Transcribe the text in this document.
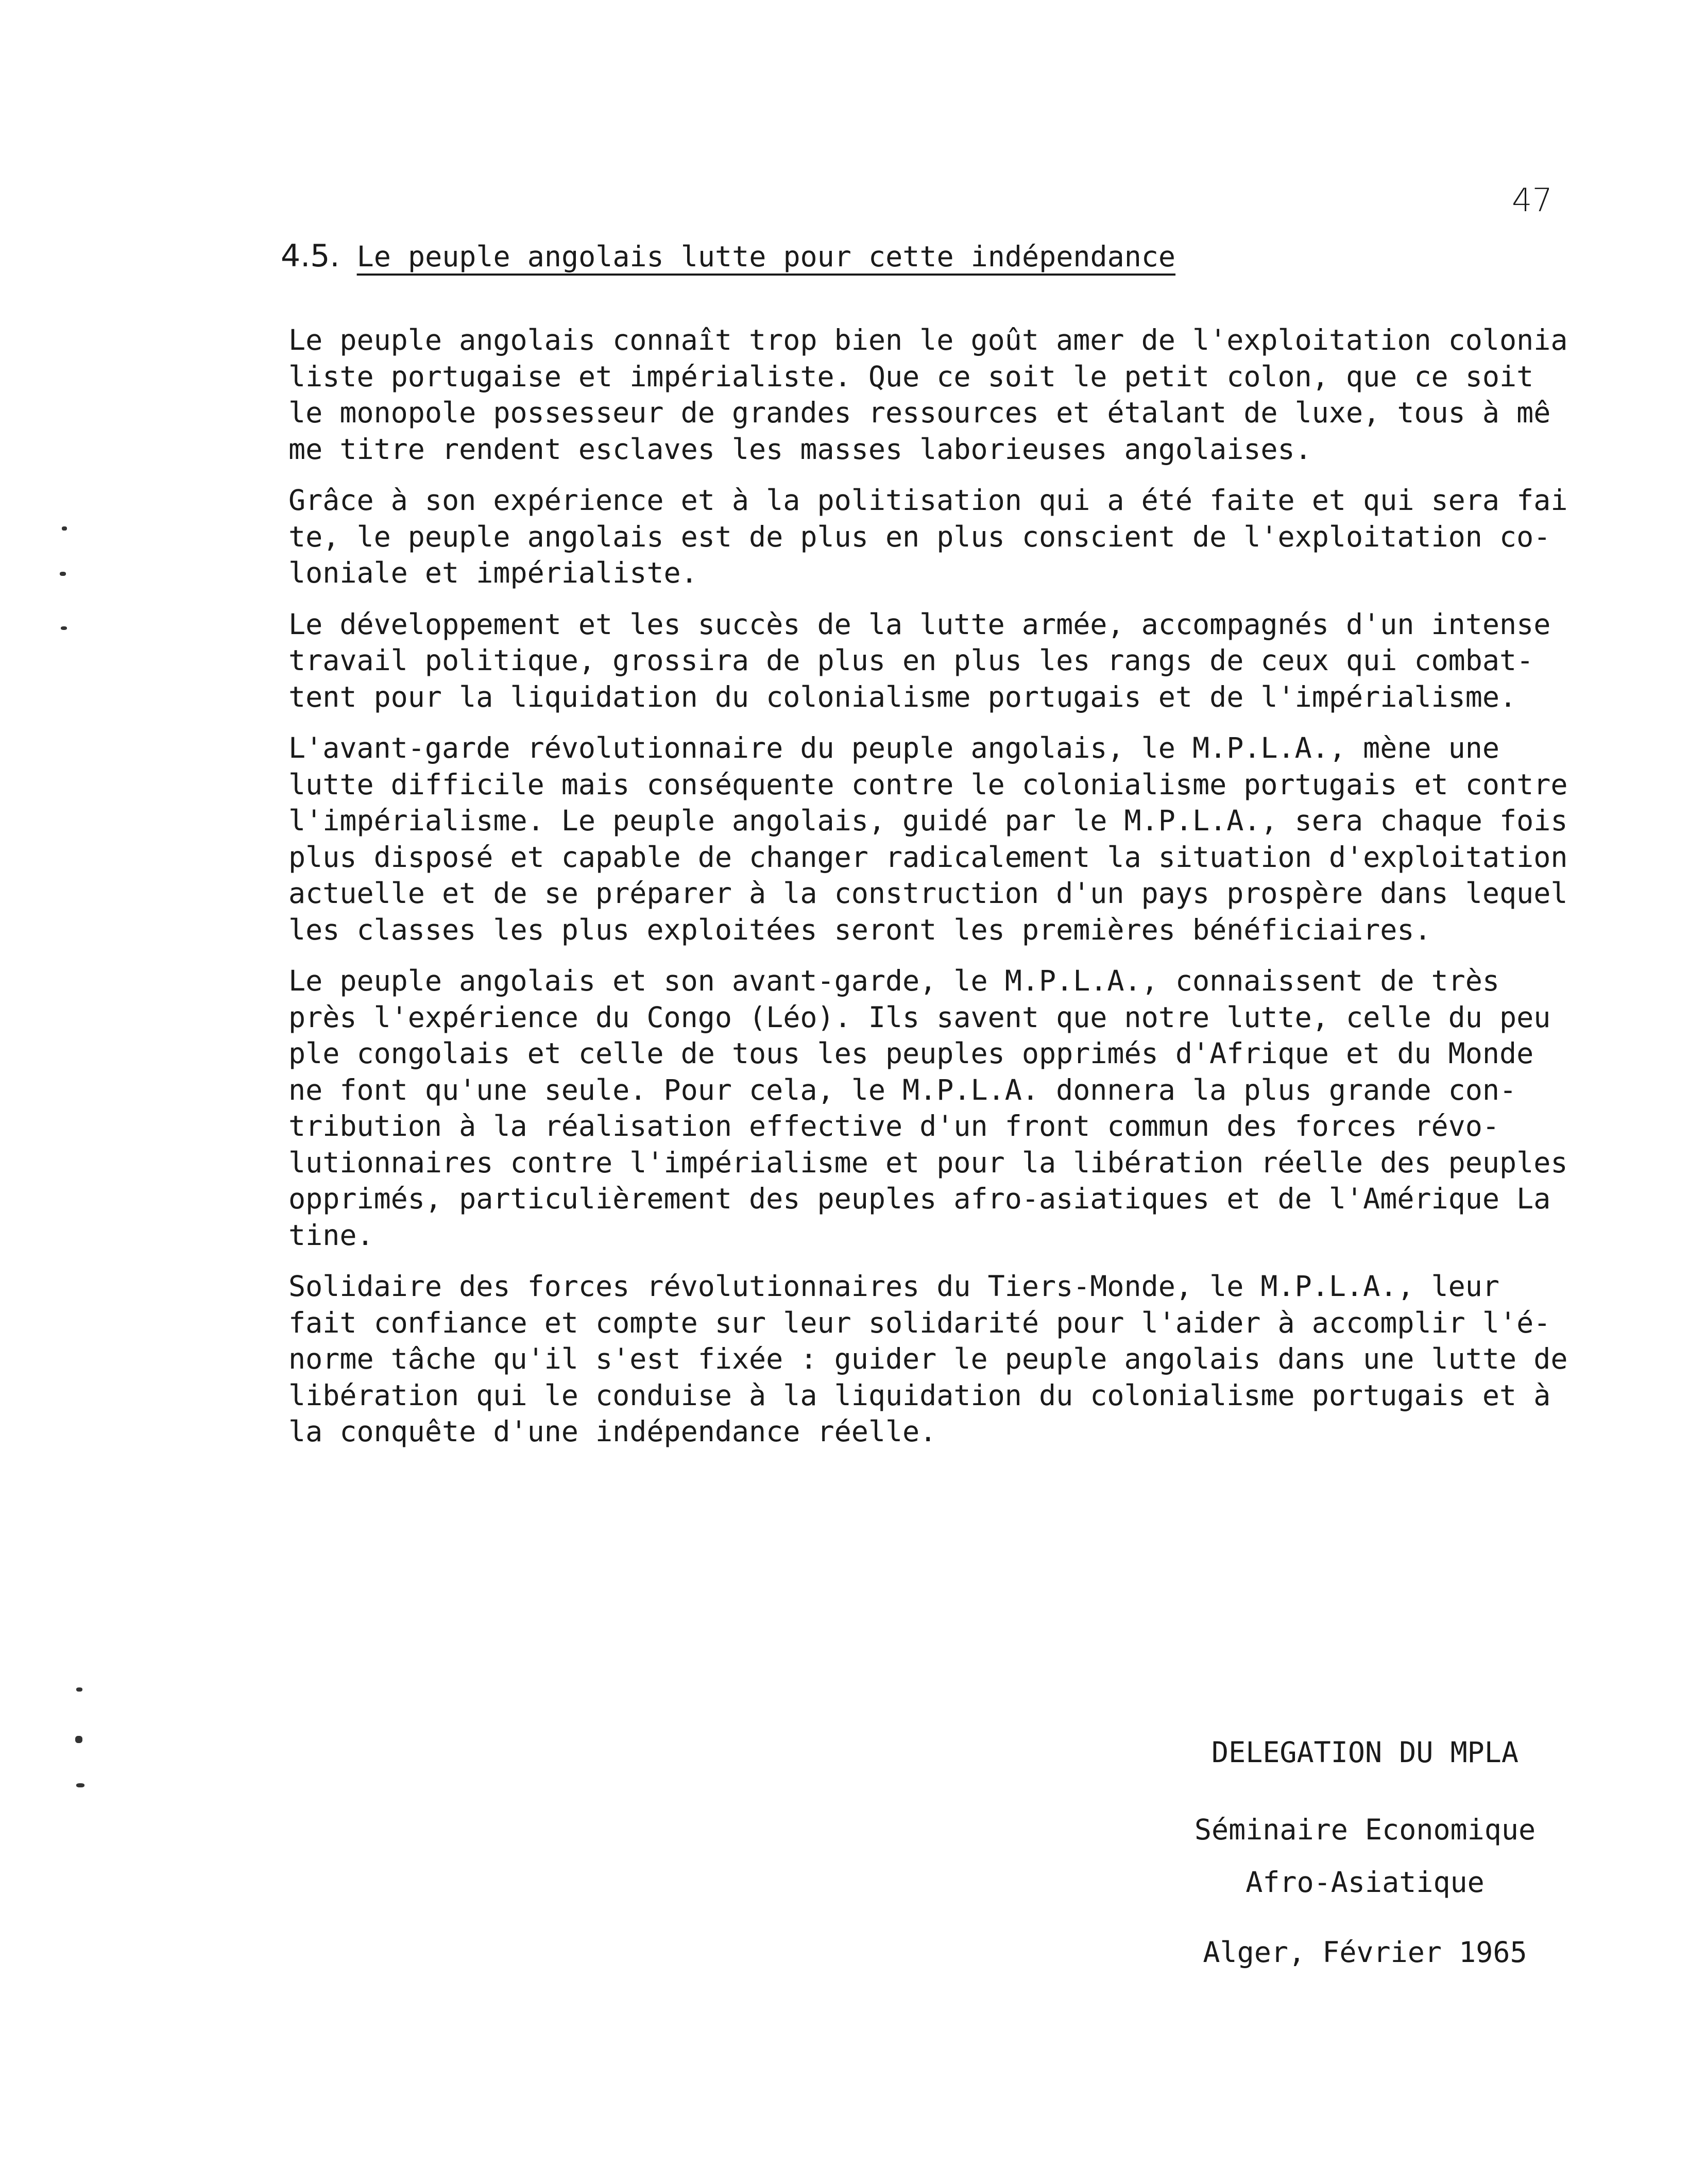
47
4.5. Le peuple angolais lutte pour cette indépendance
Le peuple angolais connaît trop bien le goût amer de l'exploitation colonia
liste portugaise et impérialiste. Que ce soit le petit colon, que ce soit
le monopole possesseur de grandes ressources et étalant de luxe, tous à mê
me titre rendent esclaves les masses laborieuses angolaises.
Grâce à son expérience et à la politisation qui a été faite et qui sera fai
te, le peuple angolais est de plus en plus conscient de l'exploitation co-
loniale et impérialiste.
Le développement et les succès de la lutte armée, accompagnés d'un intense
travail politique, grossira de plus en plus les rangs de ceux qui combat-
tent pour la liquidation du colonialisme portugais et de l'impérialisme.
L'avant-garde révolutionnaire du peuple angolais, le M.P.L.A., mène une
lutte difficile mais conséquente contre le colonialisme portugais et contre
l'impérialisme. Le peuple angolais, guidé par le M.P.L.A., sera chaque fois
plus disposé et capable de changer radicalement la situation d'exploitation
actuelle et de se préparer à la construction d'un pays prospère dans lequel
les classes les plus exploitées seront les premières bénéficiaires.
Le peuple angolais et son avant-garde, le M.P.L.A., connaissent de très
près l'expérience du Congo (Léo). Ils savent que notre lutte, celle du peu
ple congolais et celle de tous les peuples opprimés d'Afrique et du Monde
ne font qu'une seule. Pour cela, le M.P.L.A. donnera la plus grande con-
tribution à la réalisation effective d'un front commun des forces révo-
lutionnaires contre l'impérialisme et pour la libération réelle des peuples
opprimés, particulièrement des peuples afro-asiatiques et de l'Amérique La
tine.
Solidaire des forces révolutionnaires du Tiers-Monde, le M.P.L.A., leur
fait confiance et compte sur leur solidarité pour l'aider à accomplir l'é-
norme tâche qu'il s'est fixée : guider le peuple angolais dans une lutte de
libération qui le conduise à la liquidation du colonialisme portugais et à
la conquête d'une indépendance réelle.
DELEGATION DU MPLA
Séminaire Economique
Afro-Asiatique
Alger, Février 1965
